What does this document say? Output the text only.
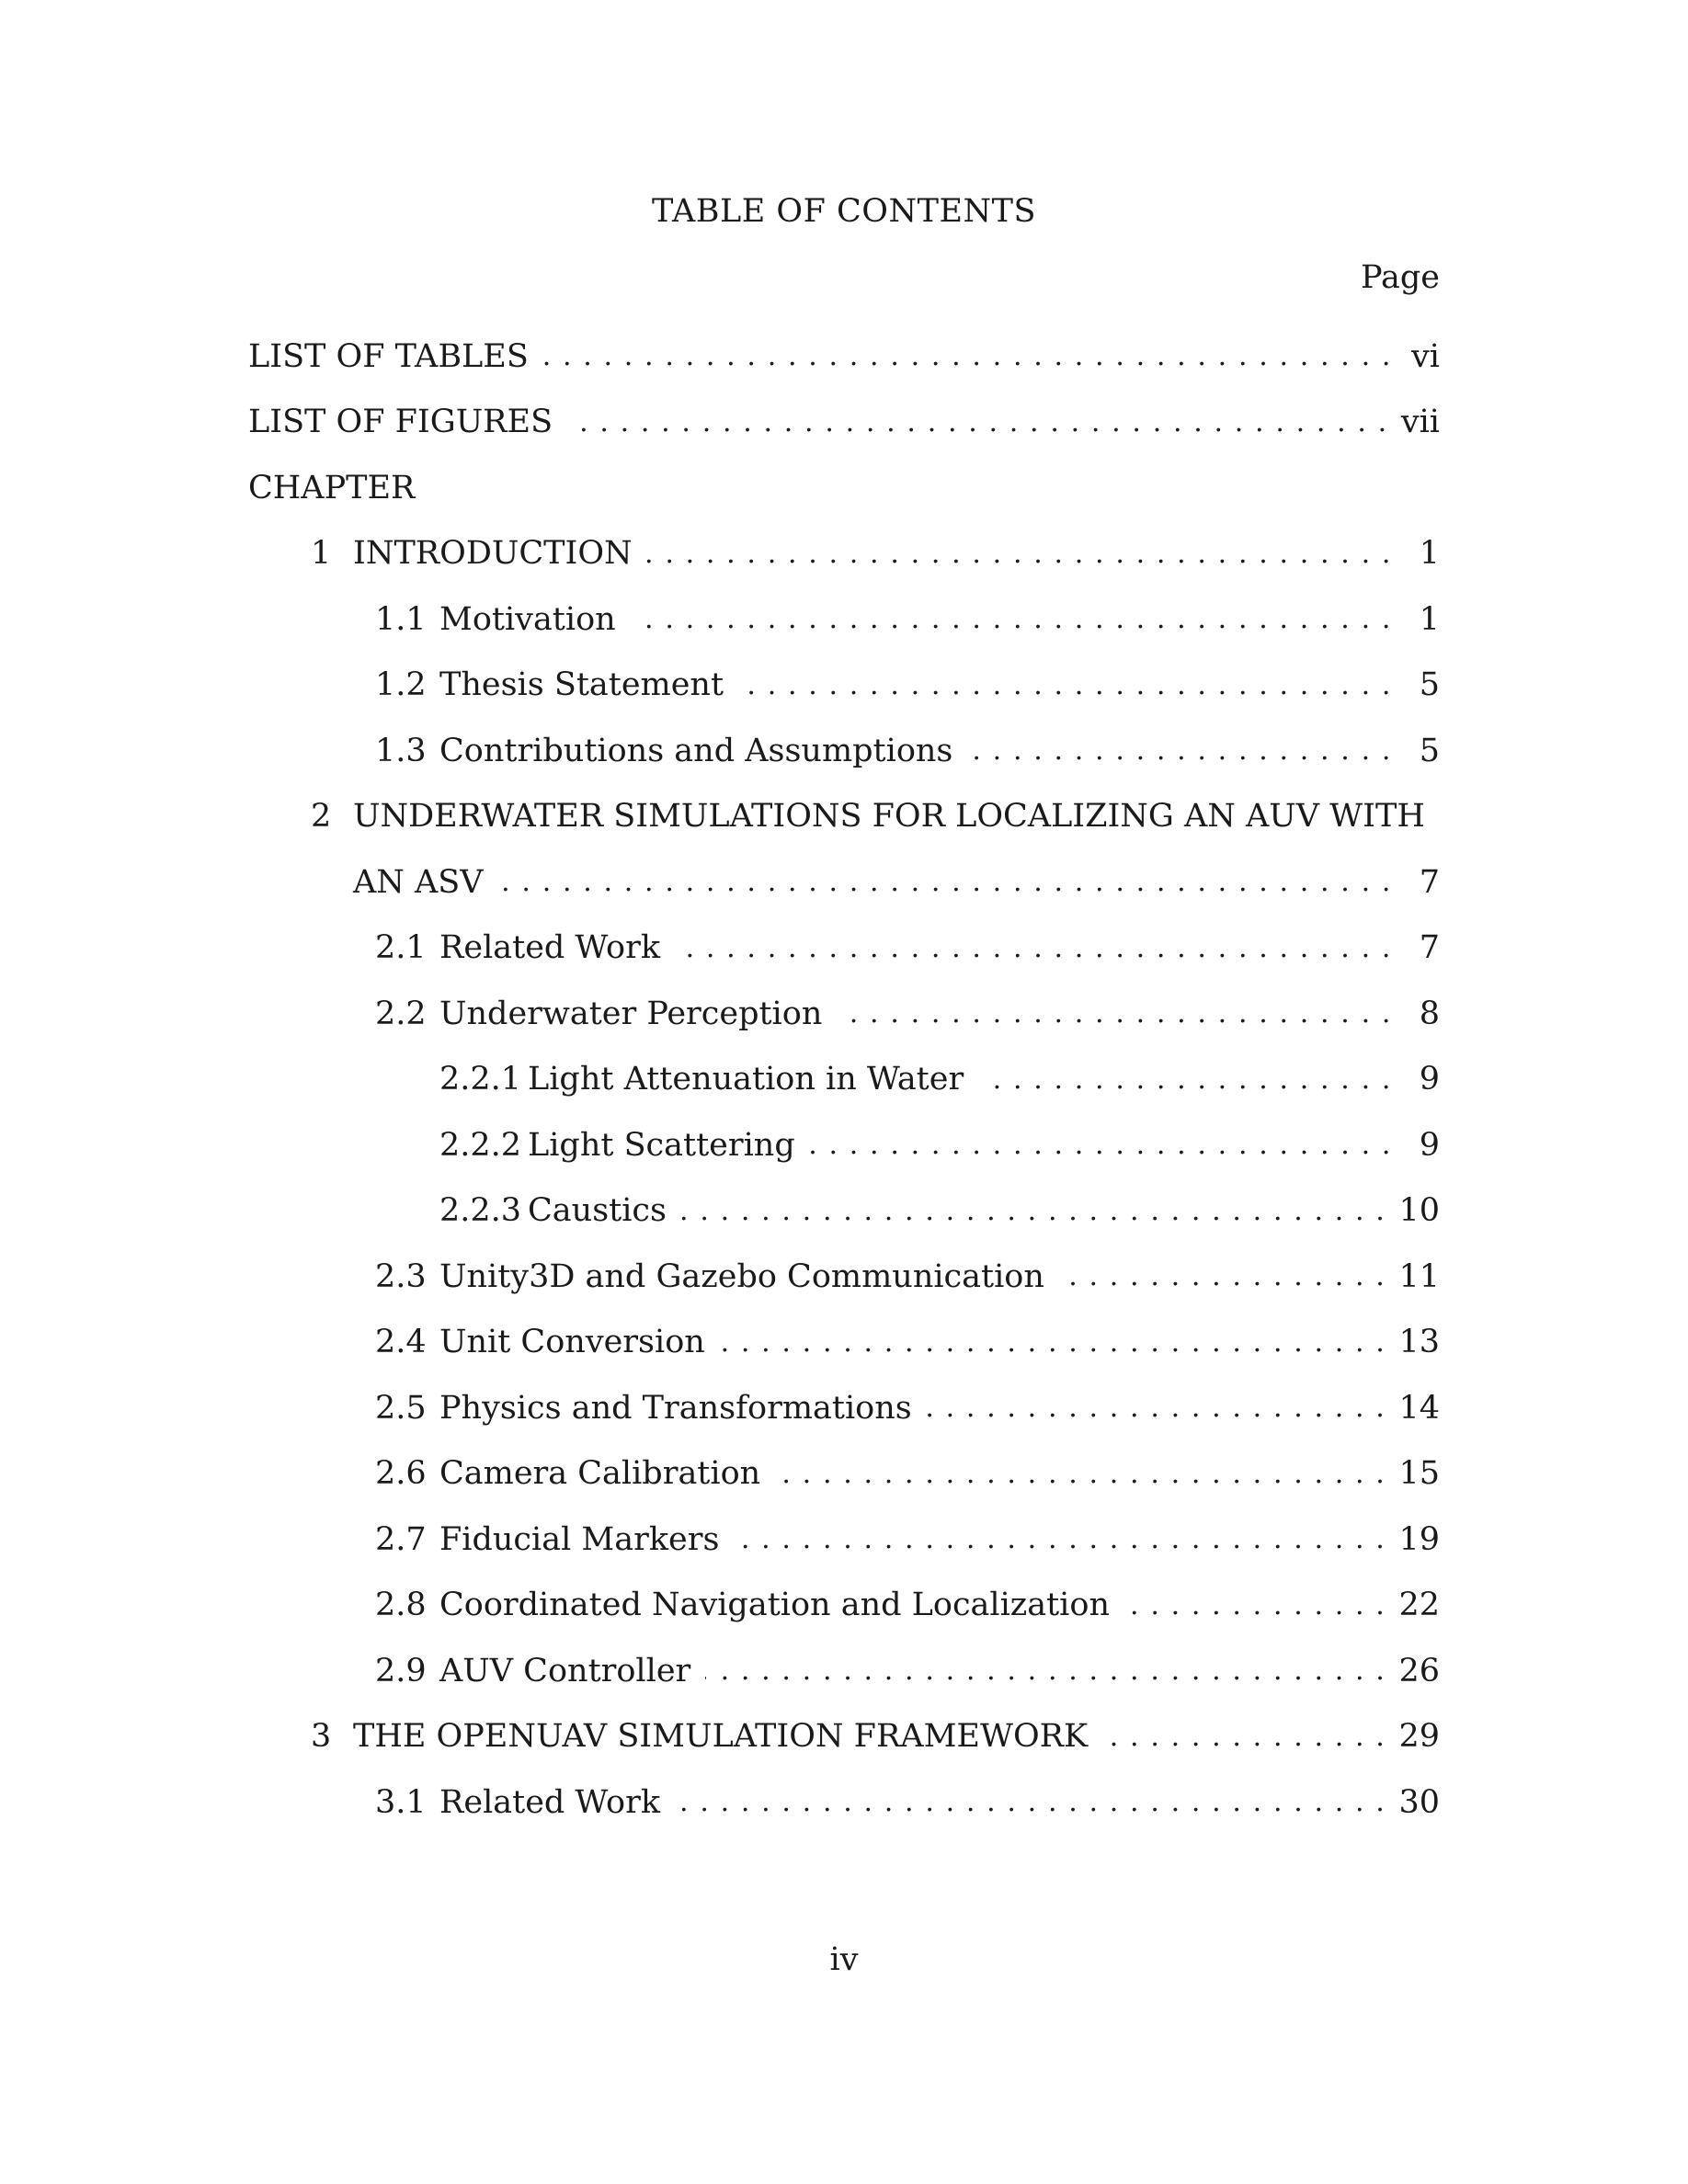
TABLE OF CONTENTS
Page
LIST OF TABLES . . .	vi
LIST OF FIGURES . . .	vii
CHAPTER
1 INTRODUCTION . . .	1
1.1 Motivation . . .	1
1.2 Thesis Statement . . .	5
1.3 Contributions and Assumptions . . .	5
2 UNDERWATER SIMULATIONS FOR LOCALIZING AN AUV WITH
AN ASV . . .	7
2.1 Related Work . . .	7
2.2 Underwater Perception . . .	8
2.2.1 Light Attenuation in Water . . .	9
2.2.2 Light Scattering . . .	9
2.2.3 Caustics . . .	10
2.3 Unity3D and Gazebo Communication . . .	11
2.4 Unit Conversion . . .	13
2.5 Physics and Transformations . . .	14
2.6 Camera Calibration . . .	15
2.7 Fiducial Markers . . .	19
2.8 Coordinated Navigation and Localization . . .	22
2.9 AUV Controller . . .	26
3 THE OPENUAV SIMULATION FRAMEWORK . . .	29
3.1 Related Work . . .	30
iv
